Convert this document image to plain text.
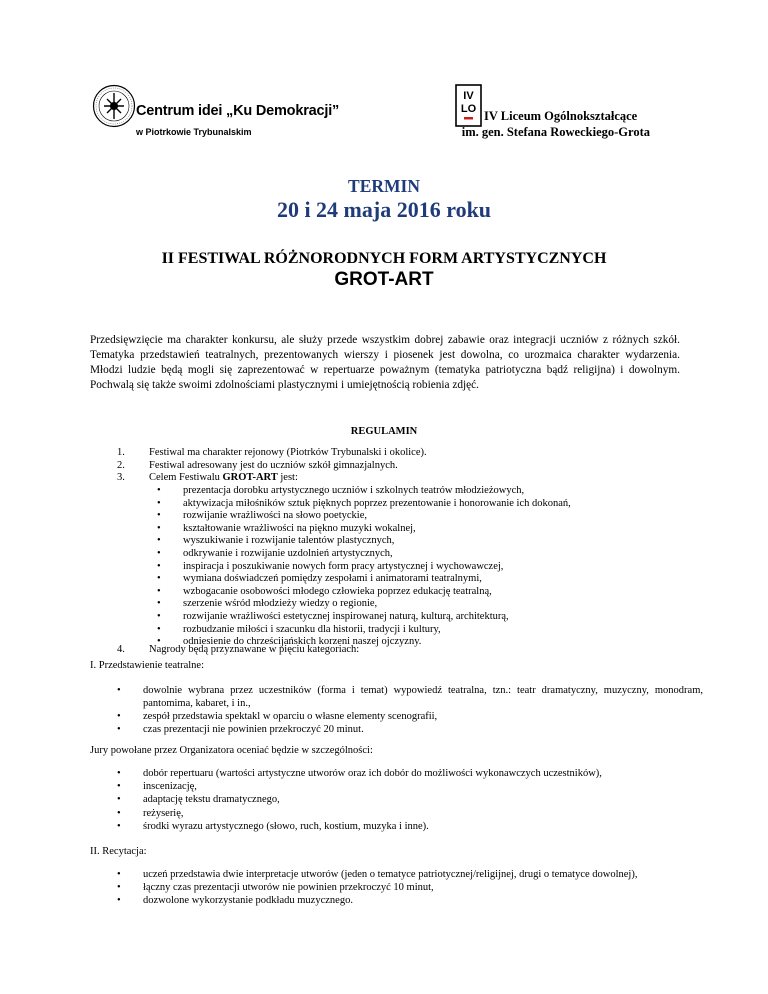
Centrum idei „Ku Demokracji”
w Piotrkowie Trybunalskim
IV
LO IV Liceum Ogólnokształcące
im. gen. Stefana Roweckiego-Grota
TERMIN
20 i 24 maja 2016 roku
II FESTIWAL RÓŻNORODNYCH FORM ARTYSTYCZNYCH
GROT-ART
Przedsięwzięcie ma charakter konkursu, ale służy przede wszystkim dobrej zabawie oraz integracji uczniów z różnych szkół. Tematyka przedstawień teatralnych, prezentowanych wierszy i piosenek jest dowolna, co urozmaica charakter wydarzenia. Młodzi ludzie będą mogli się zaprezentować w repertuarze poważnym (tematyka patriotyczna bądź religijna) i dowolnym. Pochwalą się także swoimi zdolnościami plastycznymi i umiejętnością robienia zdjęć.
REGULAMIN
1. Festiwal ma charakter rejonowy (Piotrków Trybunalski i okolice).
2. Festiwal adresowany jest do uczniów szkół gimnazjalnych.
3. Celem Festiwalu GROT-ART jest:
• prezentacja dorobku artystycznego uczniów i szkolnych teatrów młodzieżowych,
• aktywizacja miłośników sztuk pięknych poprzez prezentowanie i honorowanie ich dokonań,
• rozwijanie wrażliwości na słowo poetyckie,
• kształtowanie wrażliwości na piękno muzyki wokalnej,
• wyszukiwanie i rozwijanie talentów plastycznych,
• odkrywanie i rozwijanie uzdolnień artystycznych,
• inspiracja i poszukiwanie nowych form pracy artystycznej i wychowawczej,
• wymiana doświadczeń pomiędzy zespołami i animatorami teatralnymi,
• wzbogacanie osobowości młodego człowieka poprzez edukację teatralną,
• szerzenie wśród młodzieży wiedzy o regionie,
• rozwijanie wrażliwości estetycznej inspirowanej naturą, kulturą, architekturą,
• rozbudzanie miłości i szacunku dla historii, tradycji i kultury,
• odniesienie do chrześcijańskich korzeni naszej ojczyzny.
4. Nagrody będą przyznawane w pięciu kategoriach:
I. Przedstawienie teatralne:
• dowolnie wybrana przez uczestników (forma i temat) wypowiedź teatralna, tzn.: teatr dramatyczny, muzyczny, monodram, pantomima, kabaret, i in.,
• zespół przedstawia spektakl w oparciu o własne elementy scenografii,
• czas prezentacji nie powinien przekroczyć 20 minut.
Jury powołane przez Organizatora oceniać będzie w szczególności:
• dobór repertuaru (wartości artystyczne utworów oraz ich dobór do możliwości wykonawczych uczestników),
• inscenizację,
• adaptację tekstu dramatycznego,
• reżyserię,
• środki wyrazu artystycznego (słowo, ruch, kostium, muzyka i inne).
II. Recytacja:
• uczeń przedstawia dwie interpretacje utworów (jeden o tematyce patriotycznej/religijnej, drugi o tematyce dowolnej),
• łączny czas prezentacji utworów nie powinien przekroczyć 10 minut,
• dozwolone wykorzystanie podkładu muzycznego.
